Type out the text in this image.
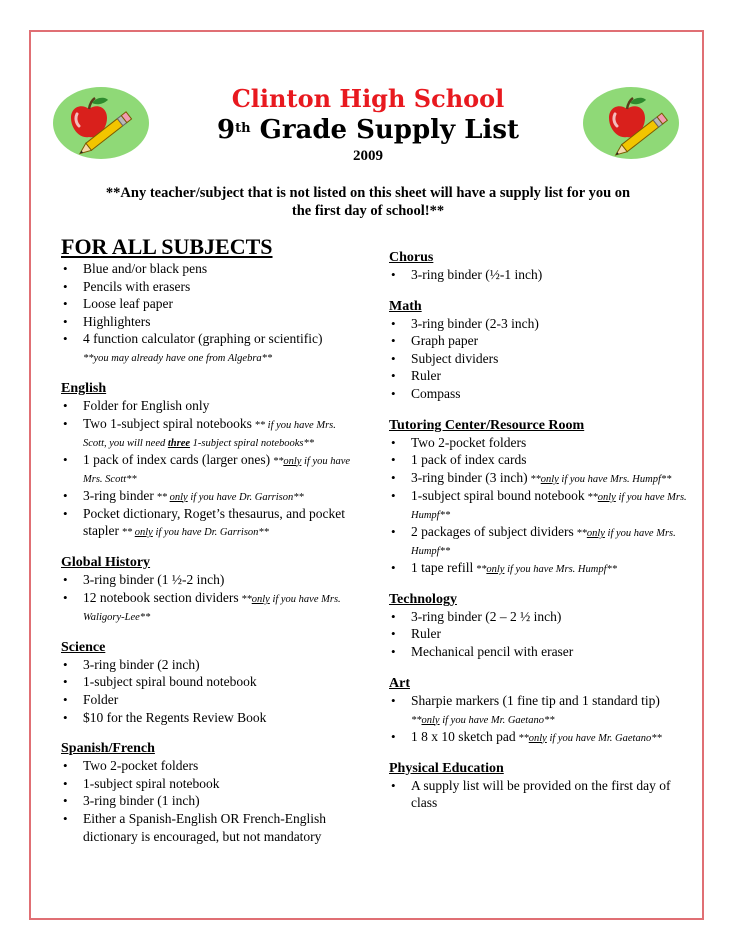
Clinton High School
9th Grade Supply List
2009
**Any teacher/subject that is not listed on this sheet will have a supply list for you on the first day of school!**
FOR ALL SUBJECTS
• Blue and/or black pens
• Pencils with erasers
• Loose leaf paper
• Highlighters
• 4 function calculator (graphing or scientific)
**you may already have one from Algebra**
English
• Folder for English only
• Two 1-subject spiral notebooks ** if you have Mrs. Scott, you will need three 1-subject spiral notebooks**
• 1 pack of index cards (larger ones) **only if you have Mrs. Scott**
• 3-ring binder ** only if you have Dr. Garrison**
• Pocket dictionary, Roget’s thesaurus, and pocket stapler ** only if you have Dr. Garrison**
Global History
• 3-ring binder (1 ½-2 inch)
• 12 notebook section dividers **only if you have Mrs. Waligory-Lee**
Science
• 3-ring binder (2 inch)
• 1-subject spiral bound notebook
• Folder
• $10 for the Regents Review Book
Spanish/French
• Two 2-pocket folders
• 1-subject spiral notebook
• 3-ring binder (1 inch)
• Either a Spanish-English OR French-English dictionary is encouraged, but not mandatory
Chorus
• 3-ring binder (½-1 inch)
Math
• 3-ring binder (2-3 inch)
• Graph paper
• Subject dividers
• Ruler
• Compass
Tutoring Center/Resource Room
• Two 2-pocket folders
• 1 pack of index cards
• 3-ring binder (3 inch) **only if you have Mrs. Humpf**
• 1-subject spiral bound notebook **only if you have Mrs. Humpf**
• 2 packages of subject dividers **only if you have Mrs. Humpf**
• 1 tape refill **only if you have Mrs. Humpf**
Technology
• 3-ring binder (2 – 2 ½ inch)
• Ruler
• Mechanical pencil with eraser
Art
• Sharpie markers (1 fine tip and 1 standard tip) **only if you have Mr. Gaetano**
• 1 8 x 10 sketch pad **only if you have Mr. Gaetano**
Physical Education
• A supply list will be provided on the first day of class
